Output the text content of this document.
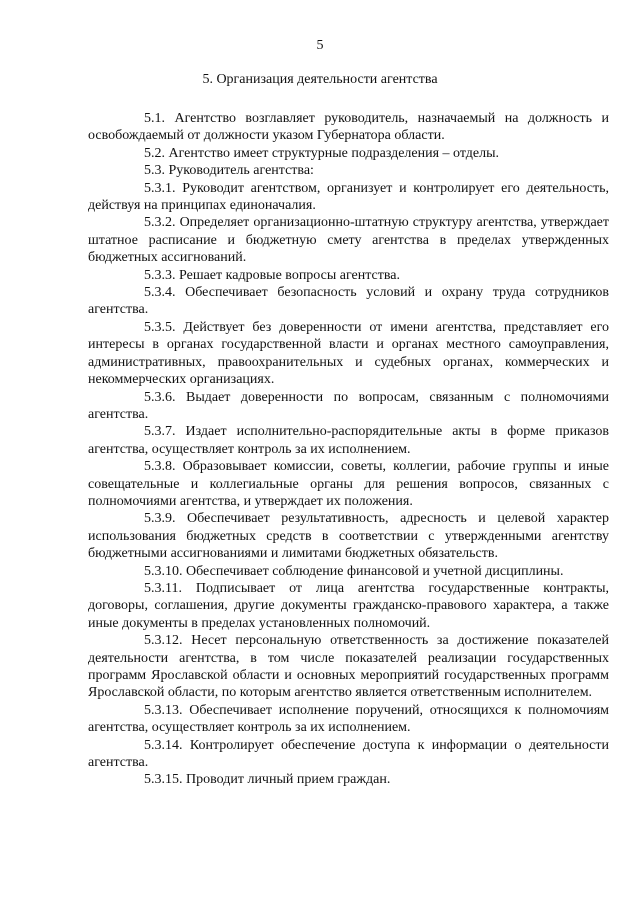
5
5. Организация деятельности агентства

5.1. Агентство возглавляет руководитель, назначаемый на должность и освобождаемый от должности указом Губернатора области.

5.2. Агентство имеет структурные подразделения – отделы.

5.3. Руководитель агентства:

5.3.1. Руководит агентством, организует и контролирует его деятельность, действуя на принципах единоначалия.

5.3.2. Определяет организационно-штатную структуру агентства, утверждает штатное расписание и бюджетную смету агентства в пределах утвержденных бюджетных ассигнований.

5.3.3. Решает кадровые вопросы агентства.

5.3.4. Обеспечивает безопасность условий и охрану труда сотрудников агентства.

5.3.5. Действует без доверенности от имени агентства, представляет его интересы в органах государственной власти и органах местного самоуправления, административных, правоохранительных и судебных органах, коммерческих и некоммерческих организациях.

5.3.6. Выдает доверенности по вопросам, связанным с полномочиями агентства.

5.3.7. Издает исполнительно-распорядительные акты в форме приказов агентства, осуществляет контроль за их исполнением.

5.3.8. Образовывает комиссии, советы, коллегии, рабочие группы и иные совещательные и коллегиальные органы для решения вопросов, связанных с полномочиями агентства, и утверждает их положения.

5.3.9. Обеспечивает результативность, адресность и целевой характер использования бюджетных средств в соответствии с утвержденными агентству бюджетными ассигнованиями и лимитами бюджетных обязательств.

5.3.10. Обеспечивает соблюдение финансовой и учетной дисциплины.

5.3.11. Подписывает от лица агентства государственные контракты, договоры, соглашения, другие документы гражданско-правового характера, а также иные документы в пределах установленных полномочий.

5.3.12. Несет персональную ответственность за достижение показателей деятельности агентства, в том числе показателей реализации государственных программ Ярославской области и основных мероприятий государственных программ Ярославской области, по которым агентство является ответственным исполнителем.

5.3.13. Обеспечивает исполнение поручений, относящихся к полномочиям агентства, осуществляет контроль за их исполнением.

5.3.14. Контролирует обеспечение доступа к информации о деятельности агентства.

5.3.15. Проводит личный прием граждан.
